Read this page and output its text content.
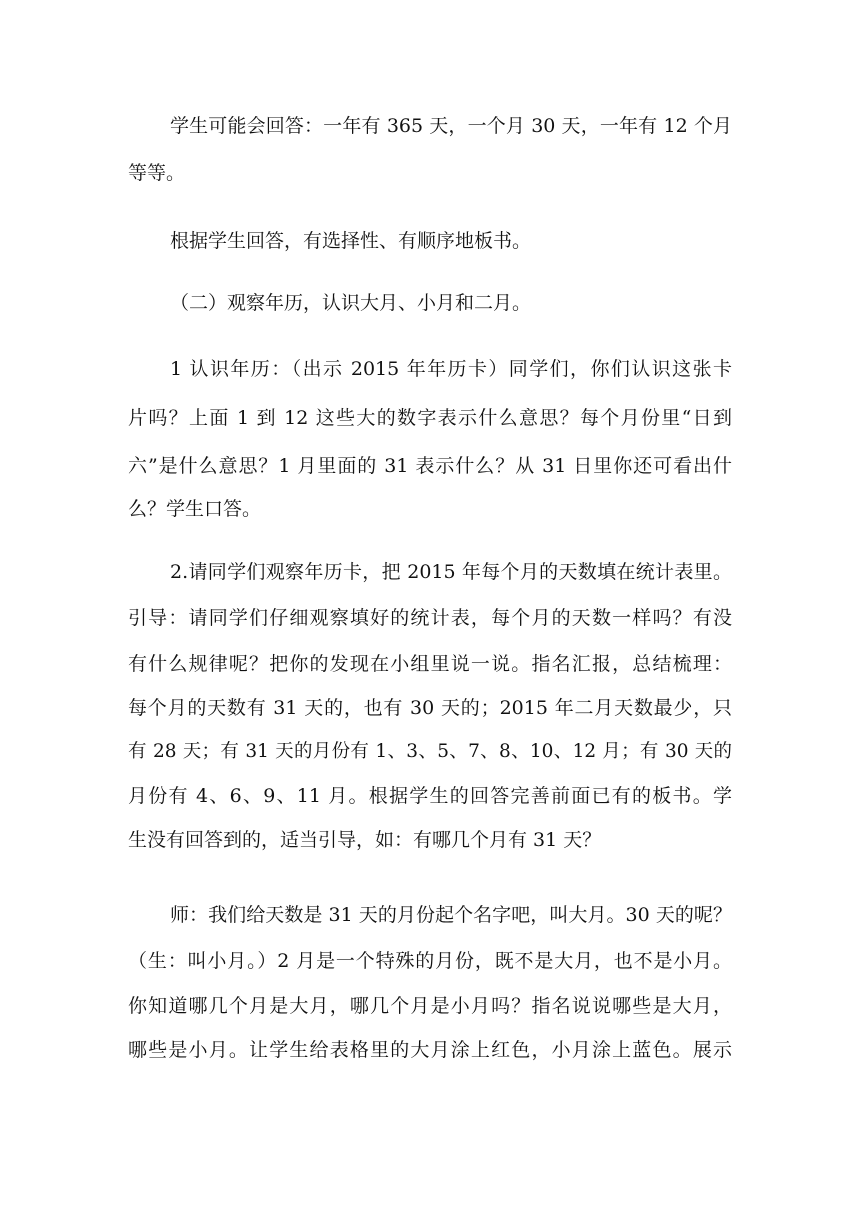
学生可能会回答：一年有 365 天，一个月 30 天，一年有 12 个月
等等。
根据学生回答，有选择性、有顺序地板书。
（二）观察年历，认识大月、小月和二月。
1 认识年历：（出示 2015 年年历卡）同学们，你们认识这张卡
片吗？上面 1 到 12 这些大的数字表示什么意思？每个月份里“日到
六”是什么意思？1 月里面的 31 表示什么？从 31 日里你还可看出什
么？学生口答。
2.请同学们观察年历卡，把 2015 年每个月的天数填在统计表里。
引导：请同学们仔细观察填好的统计表，每个月的天数一样吗？有没
有什么规律呢？把你的发现在小组里说一说。指名汇报，总结梳理：
每个月的天数有 31 天的，也有 30 天的；2015 年二月天数最少，只
有 28 天；有 31 天的月份有 1、3、5、7、8、10、12 月；有 30 天的
月份有 4、6、9、11 月。根据学生的回答完善前面已有的板书。学
生没有回答到的，适当引导，如：有哪几个月有 31 天？
师：我们给天数是 31 天的月份起个名字吧，叫大月。30 天的呢？
（生：叫小月。）2 月是一个特殊的月份，既不是大月，也不是小月。
你知道哪几个月是大月，哪几个月是小月吗？指名说说哪些是大月，
哪些是小月。让学生给表格里的大月涂上红色，小月涂上蓝色。展示
